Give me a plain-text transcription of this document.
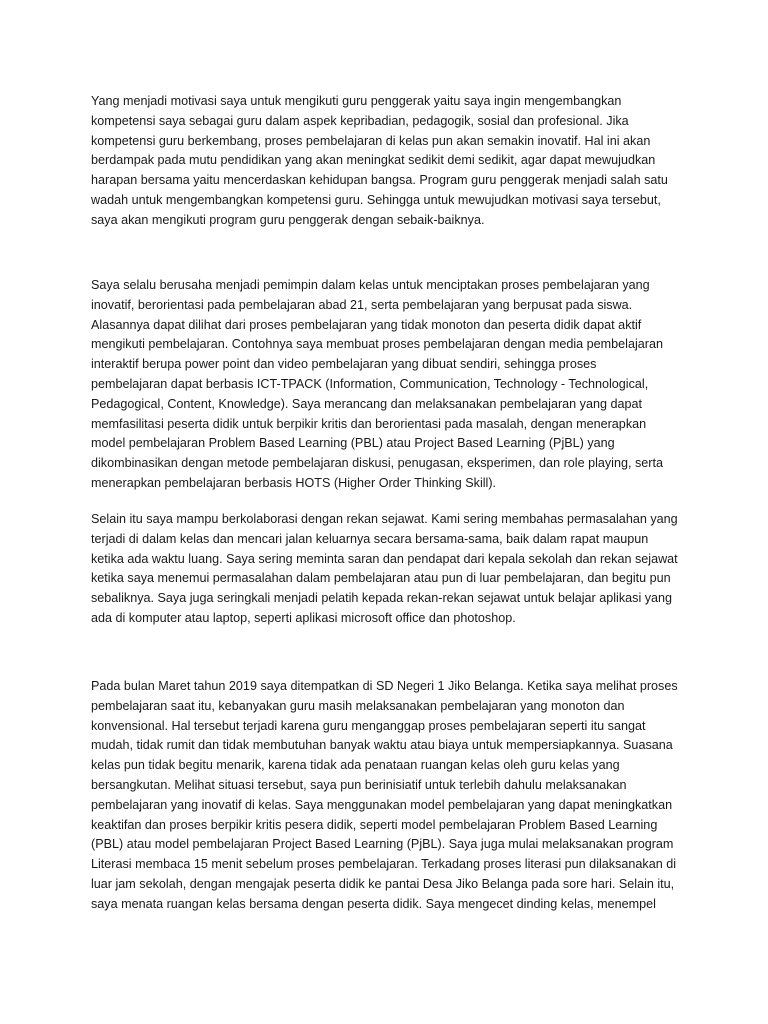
Yang menjadi motivasi saya untuk mengikuti guru penggerak yaitu saya ingin mengembangkan
kompetensi saya sebagai guru dalam aspek kepribadian, pedagogik, sosial dan profesional. Jika
kompetensi guru berkembang, proses pembelajaran di kelas pun akan semakin inovatif. Hal ini akan
berdampak pada mutu pendidikan yang akan meningkat sedikit demi sedikit, agar dapat mewujudkan
harapan bersama yaitu mencerdaskan kehidupan bangsa. Program guru penggerak menjadi salah satu
wadah untuk mengembangkan kompetensi guru. Sehingga untuk mewujudkan motivasi saya tersebut,
saya akan mengikuti program guru penggerak dengan sebaik-baiknya.

Saya selalu berusaha menjadi pemimpin dalam kelas untuk menciptakan proses pembelajaran yang
inovatif, berorientasi pada pembelajaran abad 21, serta pembelajaran yang berpusat pada siswa.
Alasannya dapat dilihat dari proses pembelajaran yang tidak monoton dan peserta didik dapat aktif
mengikuti pembelajaran. Contohnya saya membuat proses pembelajaran dengan media pembelajaran
interaktif berupa power point dan video pembelajaran yang dibuat sendiri, sehingga proses
pembelajaran dapat berbasis ICT-TPACK (Information, Communication, Technology - Technological,
Pedagogical, Content, Knowledge). Saya merancang dan melaksanakan pembelajaran yang dapat
memfasilitasi peserta didik untuk berpikir kritis dan berorientasi pada masalah, dengan menerapkan
model pembelajaran Problem Based Learning (PBL) atau Project Based Learning (PjBL) yang
dikombinasikan dengan metode pembelajaran diskusi, penugasan, eksperimen, dan role playing, serta
menerapkan pembelajaran berbasis HOTS (Higher Order Thinking Skill).

Selain itu saya mampu berkolaborasi dengan rekan sejawat. Kami sering membahas permasalahan yang
terjadi di dalam kelas dan mencari jalan keluarnya secara bersama-sama, baik dalam rapat maupun
ketika ada waktu luang. Saya sering meminta saran dan pendapat dari kepala sekolah dan rekan sejawat
ketika saya menemui permasalahan dalam pembelajaran atau pun di luar pembelajaran, dan begitu pun
sebaliknya. Saya juga seringkali menjadi pelatih kepada rekan-rekan sejawat untuk belajar aplikasi yang
ada di komputer atau laptop, seperti aplikasi microsoft office dan photoshop.

Pada bulan Maret tahun 2019 saya ditempatkan di SD Negeri 1 Jiko Belanga. Ketika saya melihat proses
pembelajaran saat itu, kebanyakan guru masih melaksanakan pembelajaran yang monoton dan
konvensional. Hal tersebut terjadi karena guru menganggap proses pembelajaran seperti itu sangat
mudah, tidak rumit dan tidak membutuhan banyak waktu atau biaya untuk mempersiapkannya. Suasana
kelas pun tidak begitu menarik, karena tidak ada penataan ruangan kelas oleh guru kelas yang
bersangkutan. Melihat situasi tersebut, saya pun berinisiatif untuk terlebih dahulu melaksanakan
pembelajaran yang inovatif di kelas. Saya menggunakan model pembelajaran yang dapat meningkatkan
keaktifan dan proses berpikir kritis pesera didik, seperti model pembelajaran Problem Based Learning
(PBL) atau model pembelajaran Project Based Learning (PjBL). Saya juga mulai melaksanakan program
Literasi membaca 15 menit sebelum proses pembelajaran. Terkadang proses literasi pun dilaksanakan di
luar jam sekolah, dengan mengajak peserta didik ke pantai Desa Jiko Belanga pada sore hari. Selain itu,
saya menata ruangan kelas bersama dengan peserta didik. Saya mengecet dinding kelas, menempel
